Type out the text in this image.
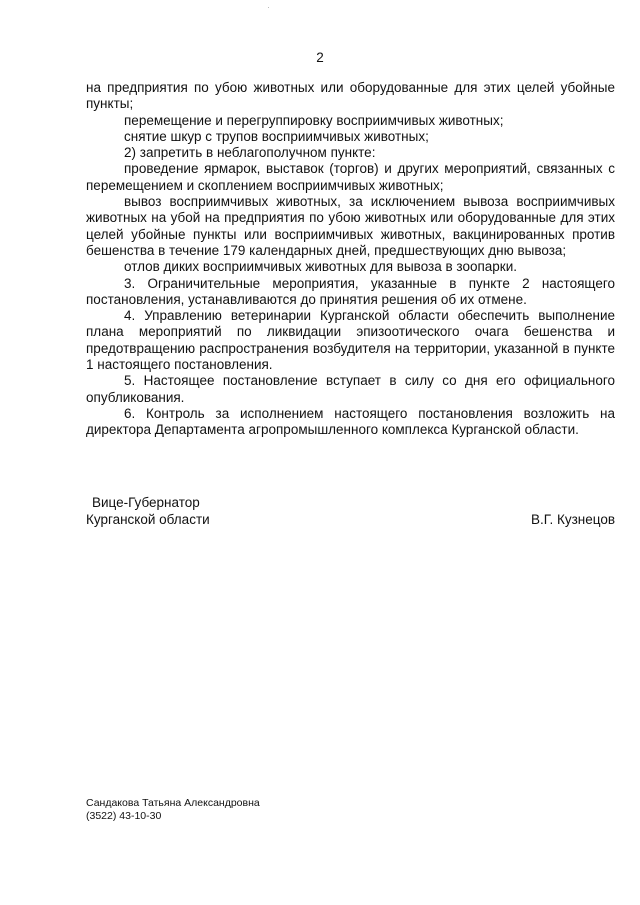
2

на предприятия по убою животных или оборудованные для этих целей убойные пункты;

перемещение и перегруппировку восприимчивых животных;

снятие шкур с трупов восприимчивых животных;

2) запретить в неблагополучном пункте:

проведение ярмарок, выставок (торгов) и других мероприятий, связанных с перемещением и скоплением восприимчивых животных;

вывоз восприимчивых животных, за исключением вывоза восприимчивых животных на убой на предприятия по убою животных или оборудованные для этих целей убойные пункты или восприимчивых животных, вакцинированных против бешенства в течение 179 календарных дней, предшествующих дню вывоза;

отлов диких восприимчивых животных для вывоза в зоопарки.

3. Ограничительные мероприятия, указанные в пункте 2 настоящего постановления, устанавливаются до принятия решения об их отмене.

4. Управлению ветеринарии Курганской области обеспечить выполнение плана мероприятий по ликвидации эпизоотического очага бешенства и предотвращению распространения возбудителя на территории, указанной в пункте 1 настоящего постановления.

5. Настоящее постановление вступает в силу со дня его официального опубликования.

6. Контроль за исполнением настоящего постановления возложить на директора Департамента агропромышленного комплекса Курганской области.

Вице-Губернатор

Курганской области	В.Г. Кузнецов

Сандакова Татьяна Александровна

(3522) 43-10-30
